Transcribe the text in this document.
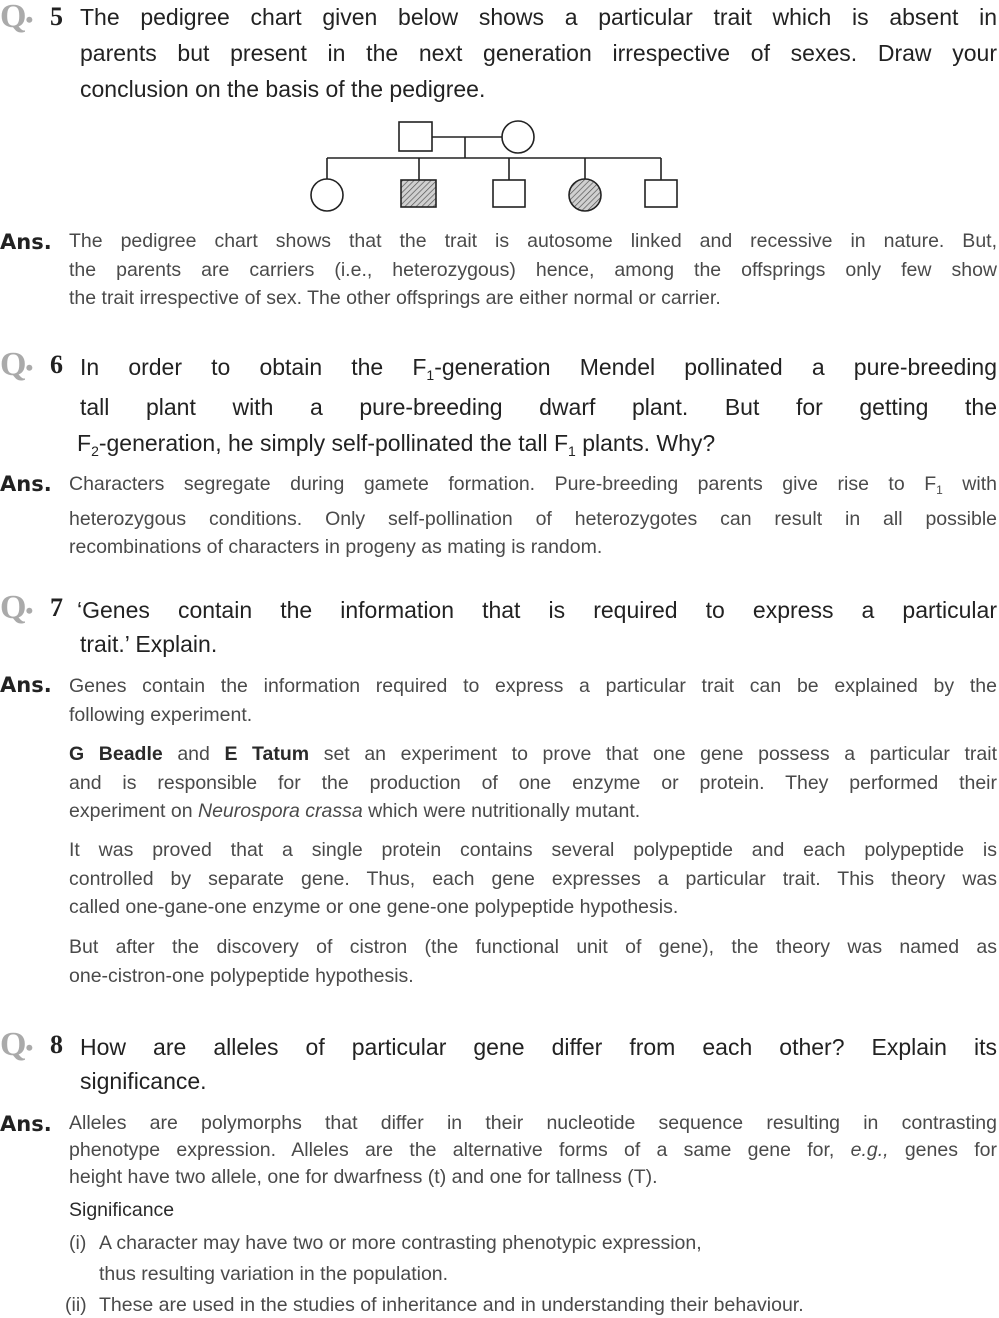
Q• 5 The pedigree chart given below shows a particular trait which is absent in
parents but present in the next generation irrespective of sexes. Draw your
conclusion on the basis of the pedigree.
Ans. The pedigree chart shows that the trait is autosome linked and recessive in nature. But,
the parents are carriers (i.e., heterozygous) hence, among the offsprings only few show
the trait irrespective of sex. The other offsprings are either normal or carrier.
Q• 6 In order to obtain the $F_1$-generation Mendel pollinated a pure-breeding
tall plant with a pure-breeding dwarf plant. But for getting the
$F_2$-generation, he simply self-pollinated the tall $F_1$ plants. Why?
Ans. Characters segregate during gamete formation. Pure-breeding parents give rise to $F_1$ with
heterozygous conditions. Only self-pollination of heterozygotes can result in all possible
recombinations of characters in progeny as mating is random.
Q• 7 ‘Genes contain the information that is required to express a particular
trait.’ Explain.
Ans. Genes contain the information required to express a particular trait can be explained by the
following experiment.
G Beadle and E Tatum set an experiment to prove that one gene possess a particular trait
and is responsible for the production of one enzyme or protein. They performed their
experiment on Neurospora crassa which were nutritionally mutant.
It was proved that a single protein contains several polypeptide and each polypeptide is
controlled by separate gene. Thus, each gene expresses a particular trait. This theory was
called one-gane-one enzyme or one gene-one polypeptide hypothesis.
But after the discovery of cistron (the functional unit of gene), the theory was named as
one-cistron-one polypeptide hypothesis.
Q• 8 How are alleles of particular gene differ from each other? Explain its
significance.
Ans. Alleles are polymorphs that differ in their nucleotide sequence resulting in contrasting
phenotype expression. Alleles are the alternative forms of a same gene for, e.g., genes for
height have two allele, one for dwarfness (t) and one for tallness (T).
Significance
(i) A character may have two or more contrasting phenotypic expression,
thus resulting variation in the population.
(ii) These are used in the studies of inheritance and in understanding their behaviour.
